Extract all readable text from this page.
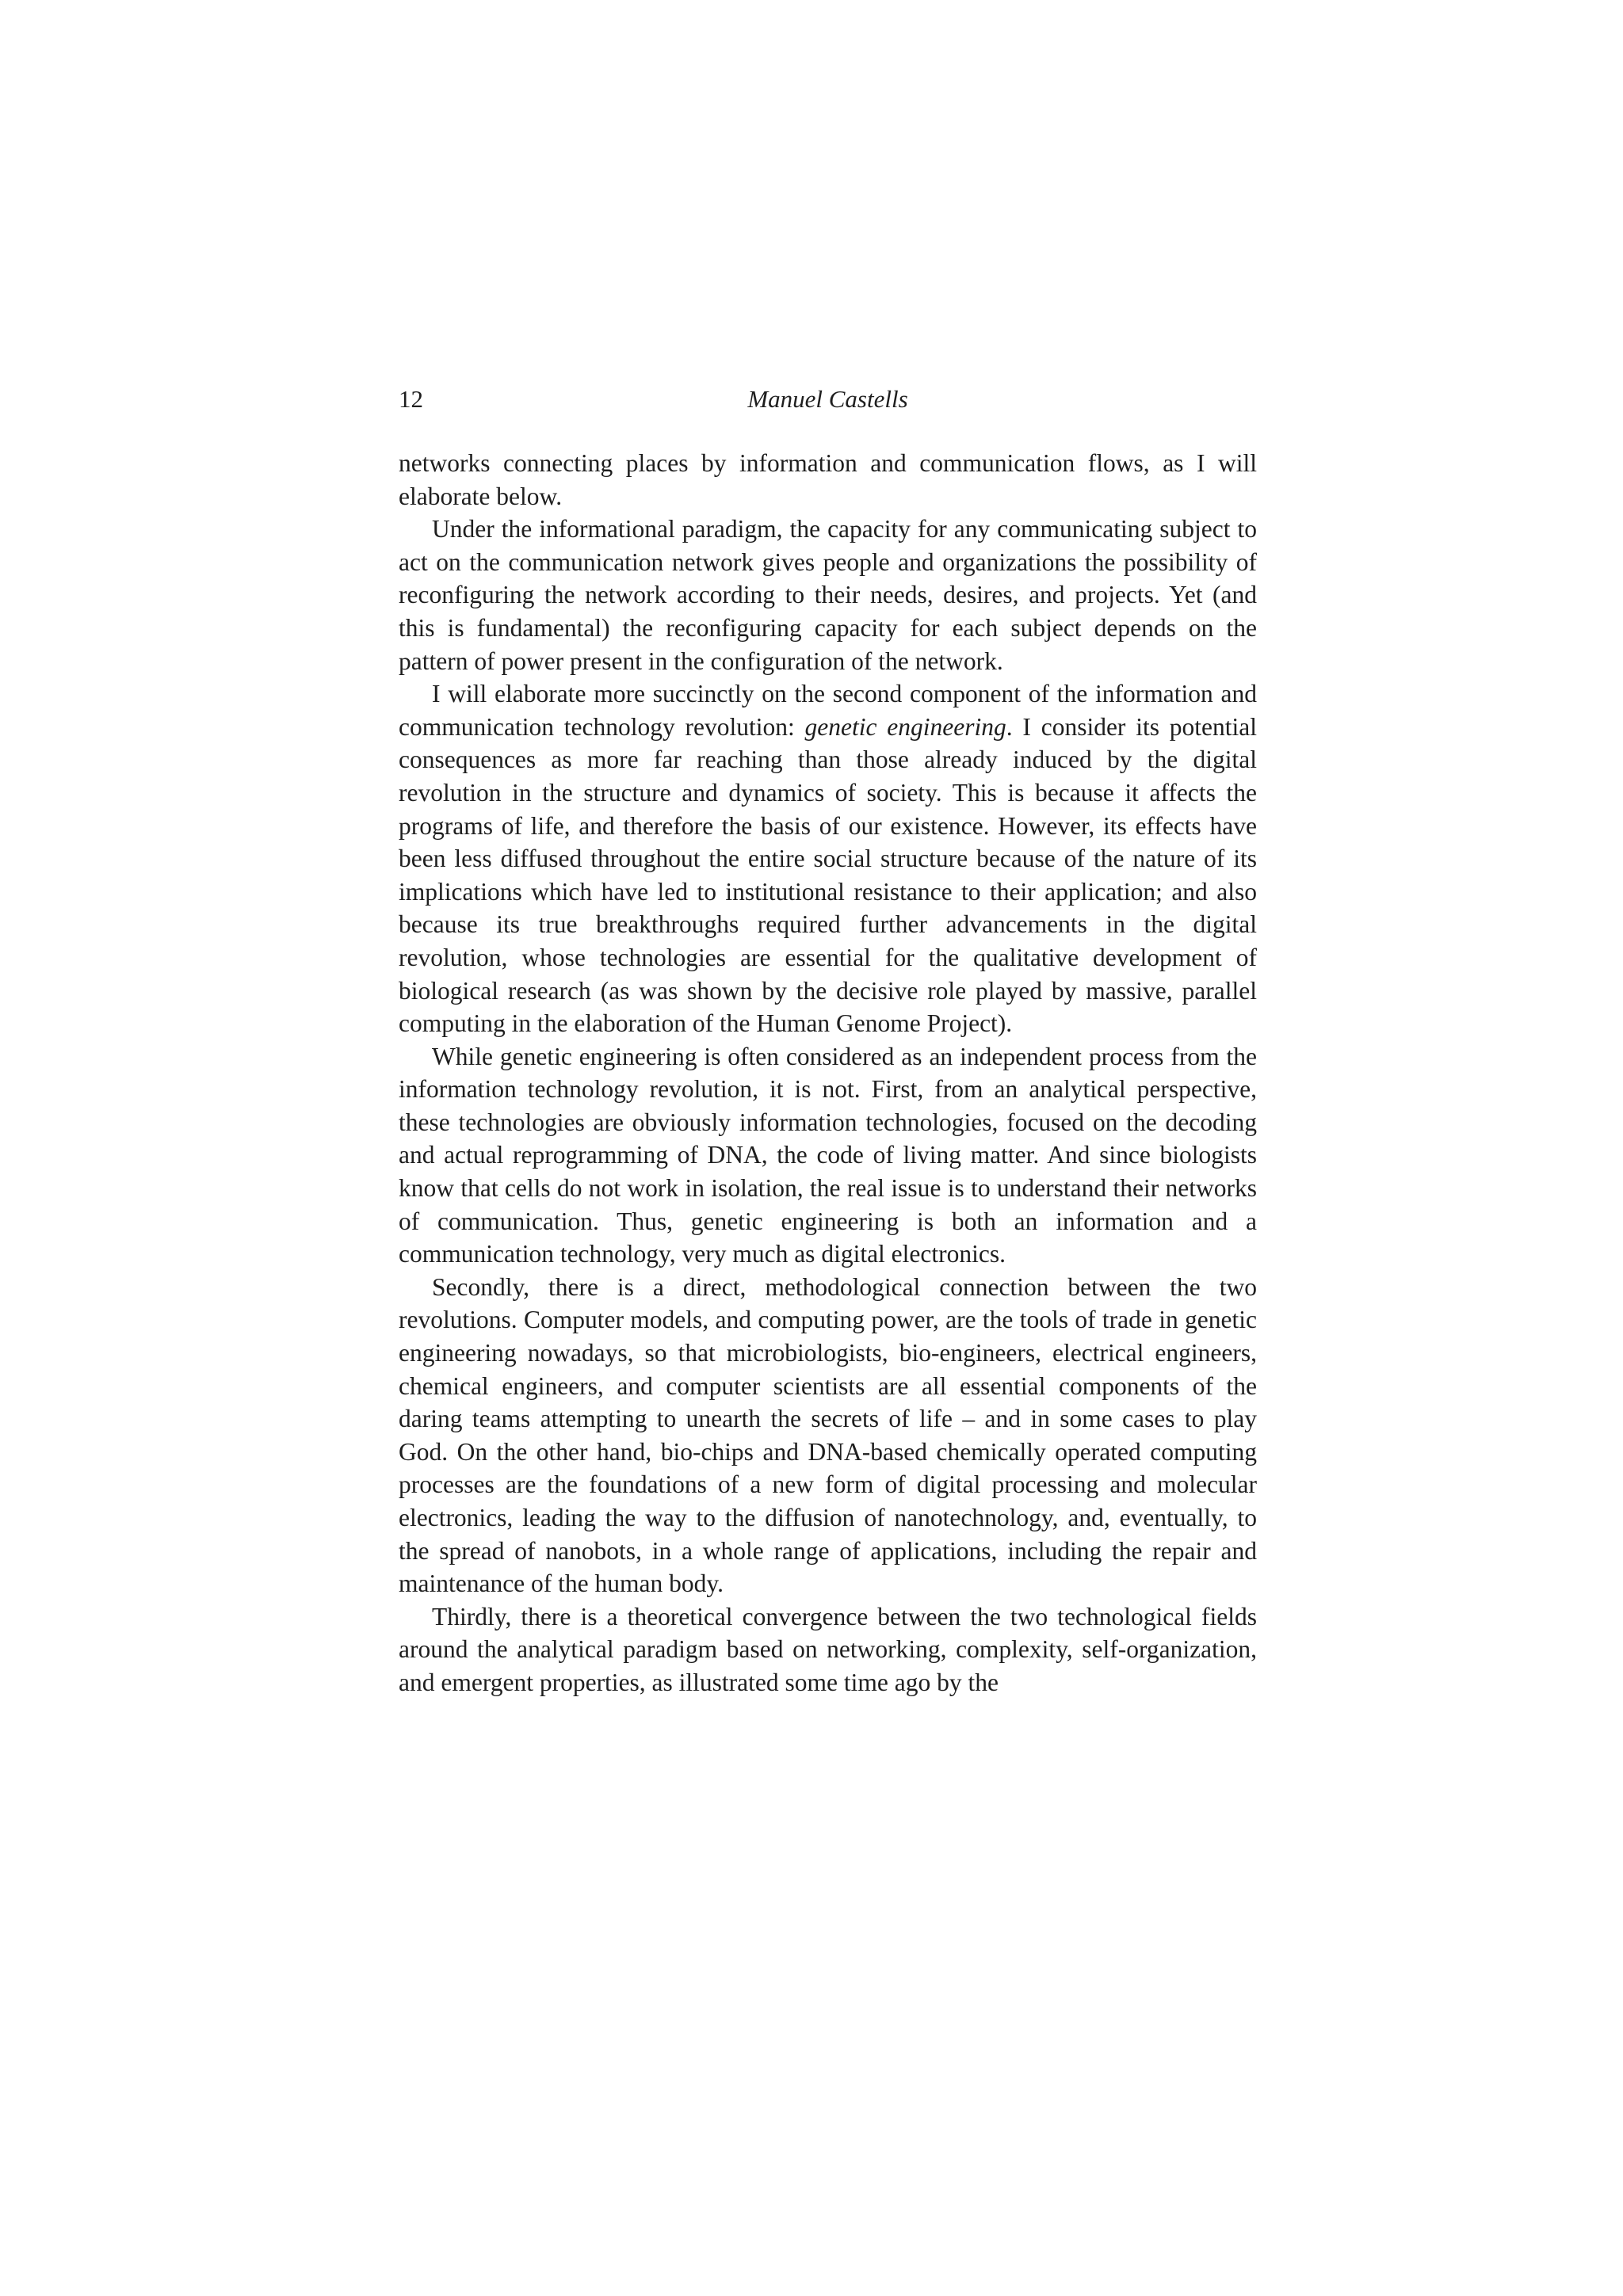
12	Manuel Castells

networks connecting places by information and communication flows, as I will elaborate below.

Under the informational paradigm, the capacity for any communicating subject to act on the communication network gives people and organizations the possibility of reconfiguring the network according to their needs, desires, and projects. Yet (and this is fundamental) the reconfiguring capacity for each subject depends on the pattern of power present in the configuration of the network.

I will elaborate more succinctly on the second component of the information and communication technology revolution: genetic engineering. I consider its potential consequences as more far reaching than those already induced by the digital revolution in the structure and dynamics of society. This is because it affects the programs of life, and therefore the basis of our existence. However, its effects have been less diffused throughout the entire social structure because of the nature of its implications which have led to institutional resistance to their application; and also because its true breakthroughs required further advancements in the digital revolution, whose technologies are essential for the qualitative development of biological research (as was shown by the decisive role played by massive, parallel computing in the elaboration of the Human Genome Project).

While genetic engineering is often considered as an independent process from the information technology revolution, it is not. First, from an analytical perspective, these technologies are obviously information technologies, focused on the decoding and actual reprogramming of DNA, the code of living matter. And since biologists know that cells do not work in isolation, the real issue is to understand their networks of communication. Thus, genetic engineering is both an information and a communication technology, very much as digital electronics.

Secondly, there is a direct, methodological connection between the two revolutions. Computer models, and computing power, are the tools of trade in genetic engineering nowadays, so that microbiologists, bio-engineers, electrical engineers, chemical engineers, and computer scientists are all essential components of the daring teams attempting to unearth the secrets of life – and in some cases to play God. On the other hand, bio-chips and DNA-based chemically operated computing processes are the foundations of a new form of digital processing and molecular electronics, leading the way to the diffusion of nanotechnology, and, eventually, to the spread of nanobots, in a whole range of applications, including the repair and maintenance of the human body.

Thirdly, there is a theoretical convergence between the two technological fields around the analytical paradigm based on networking, complexity, self-organization, and emergent properties, as illustrated some time ago by the
